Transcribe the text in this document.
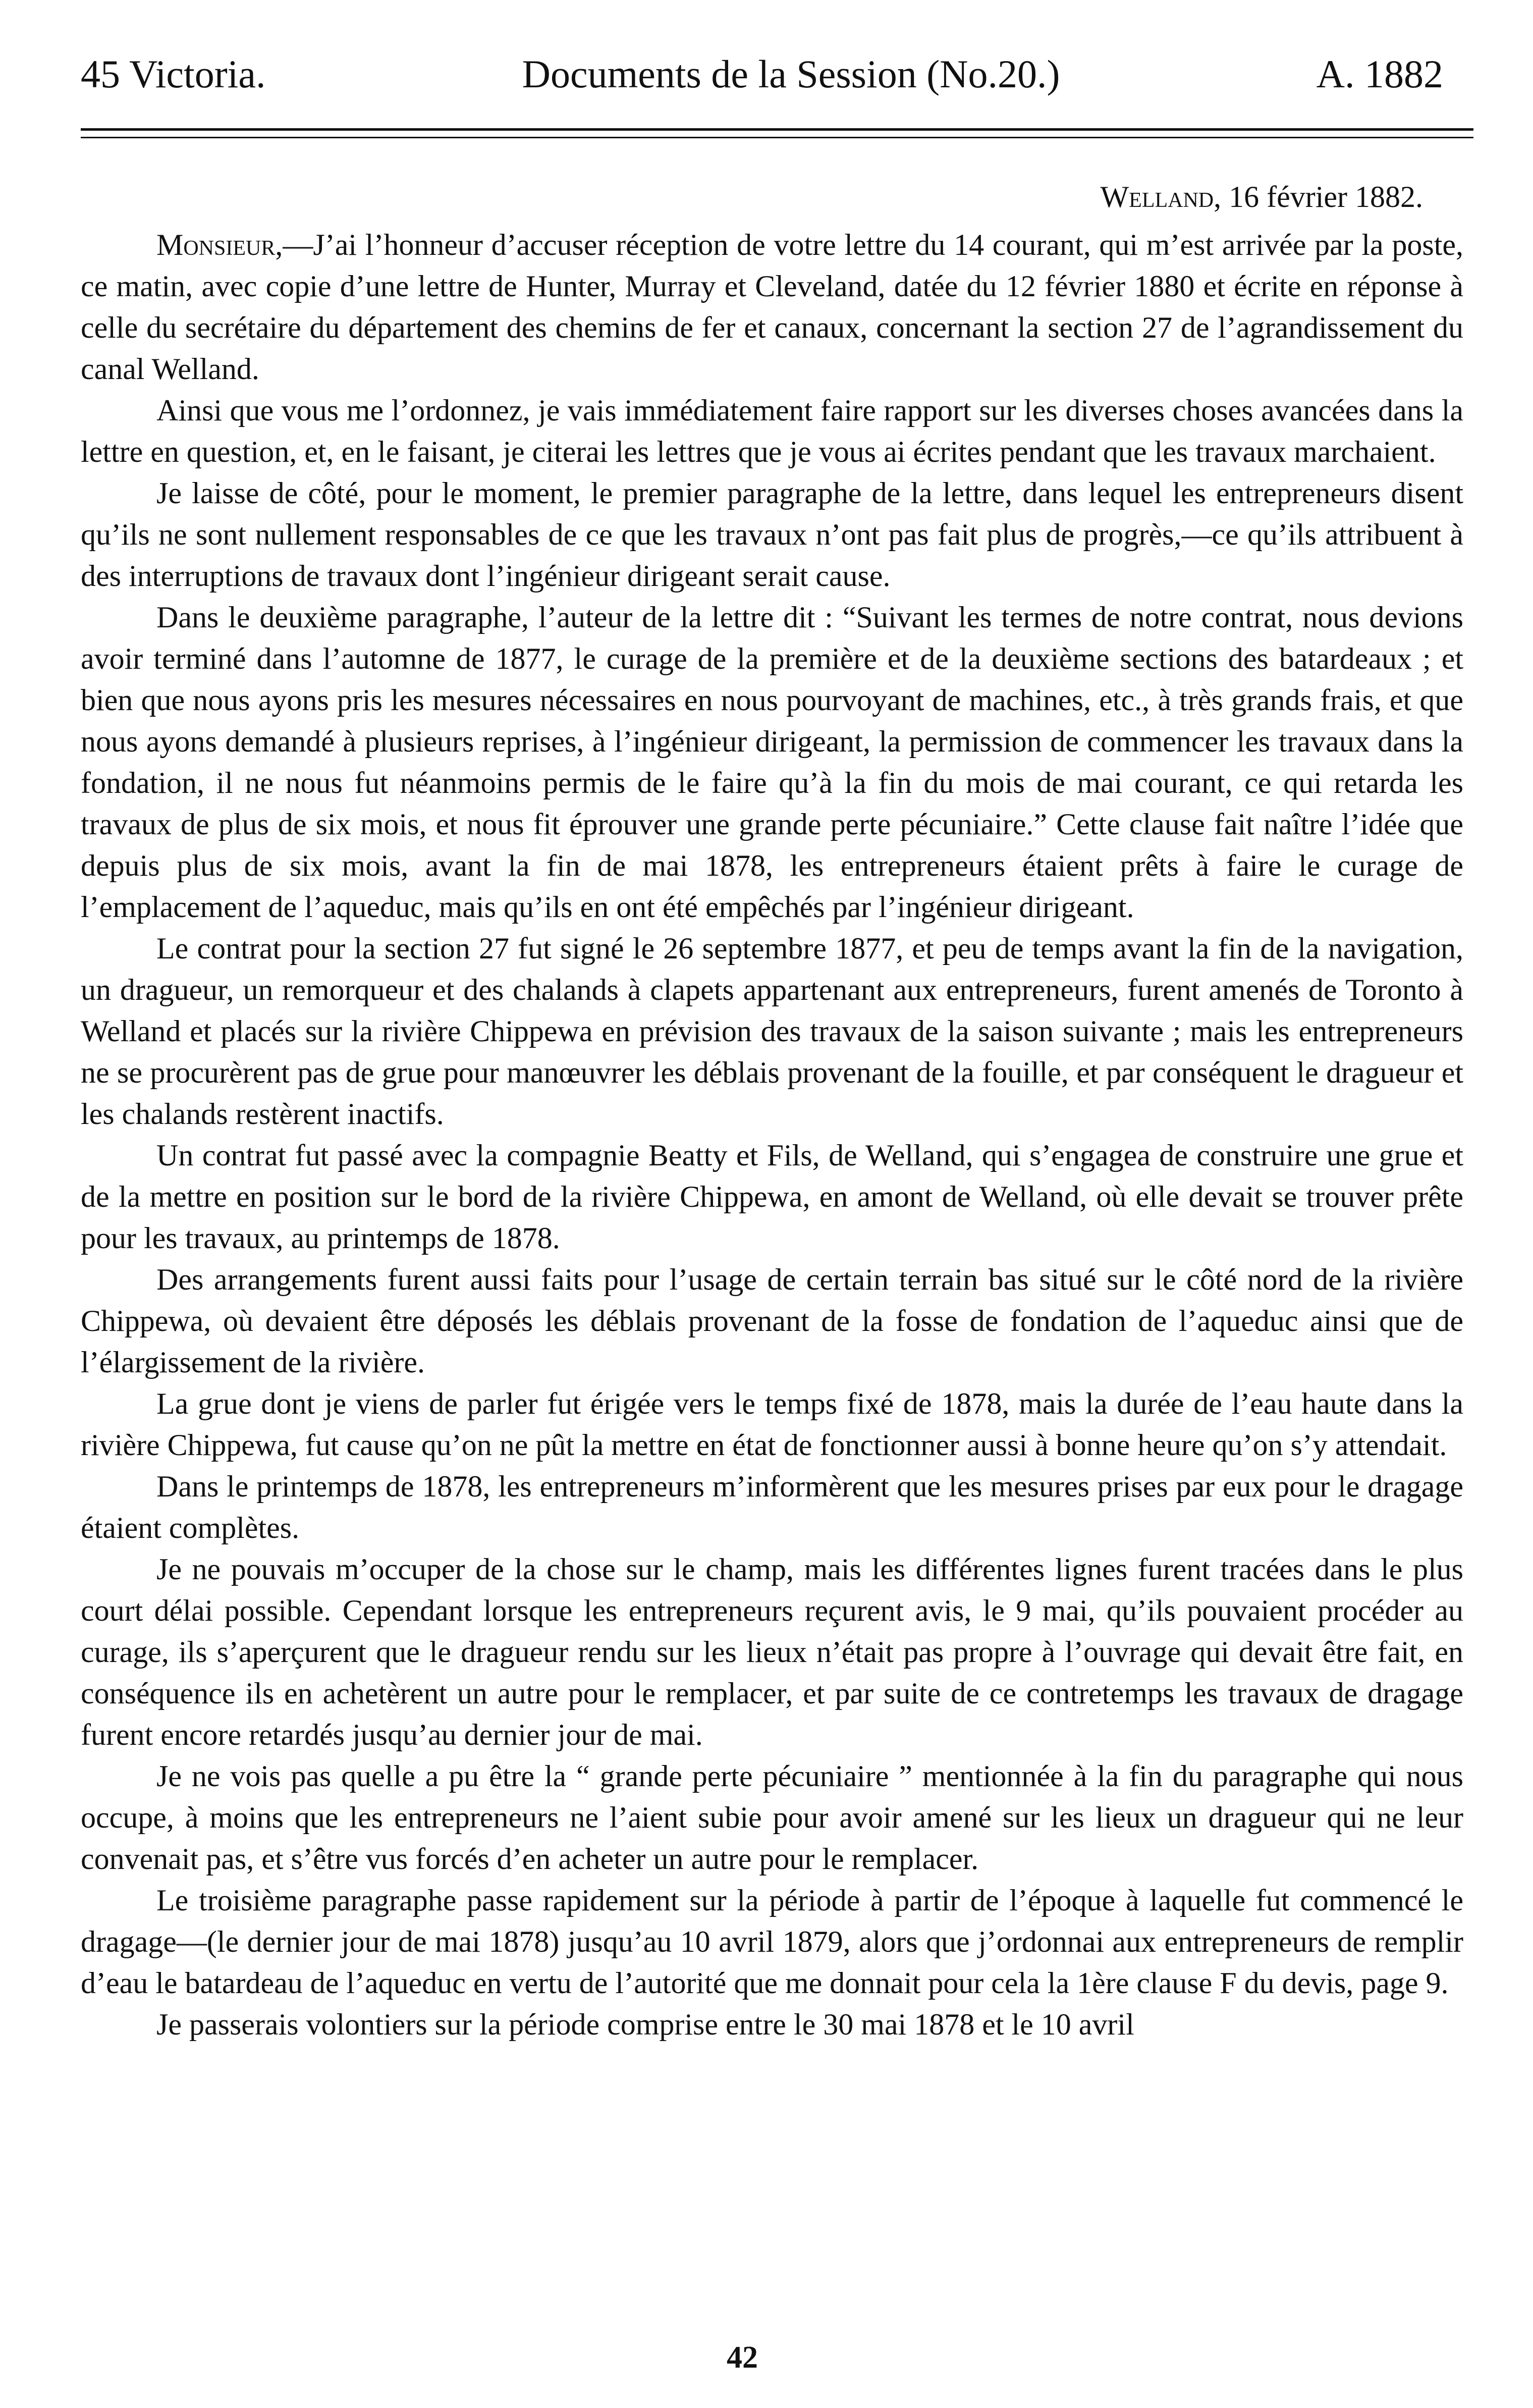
45 Victoria.	Documents de la Session (No.20.)	A. 1882
Welland, 16 février 1882.

Monsieur,—J’ai l’honneur d’accuser réception de votre lettre du 14 courant, qui m’est arrivée par la poste, ce matin, avec copie d’une lettre de Hunter, Murray et Cleveland, datée du 12 février 1880 et écrite en réponse à celle du secrétaire du département des chemins de fer et canaux, concernant la section 27 de l’agrandissement du canal Welland.

Ainsi que vous me l’ordonnez, je vais immédiatement faire rapport sur les diverses choses avancées dans la lettre en question, et, en le faisant, je citerai les lettres que je vous ai écrites pendant que les travaux marchaient.

Je laisse de côté, pour le moment, le premier paragraphe de la lettre, dans lequel les entrepreneurs disent qu’ils ne sont nullement responsables de ce que les travaux n’ont pas fait plus de progrès,—ce qu’ils attribuent à des interruptions de travaux dont l’ingénieur dirigeant serait cause.

Dans le deuxième paragraphe, l’auteur de la lettre dit : “Suivant les termes de notre contrat, nous devions avoir terminé dans l’automne de 1877, le curage de la première et de la deuxième sections des batardeaux ; et bien que nous ayons pris les mesures nécessaires en nous pourvoyant de machines, etc., à très grands frais, et que nous ayons demandé à plusieurs reprises, à l’ingénieur dirigeant, la permission de commencer les travaux dans la fondation, il ne nous fut néanmoins permis de le faire qu’à la fin du mois de mai courant, ce qui retarda les travaux de plus de six mois, et nous fit éprouver une grande perte pécuniaire.” Cette clause fait naître l’idée que depuis plus de six mois, avant la fin de mai 1878, les entrepreneurs étaient prêts à faire le curage de l’emplacement de l’aqueduc, mais qu’ils en ont été empêchés par l’ingénieur dirigeant.

Le contrat pour la section 27 fut signé le 26 septembre 1877, et peu de temps avant la fin de la navigation, un dragueur, un remorqueur et des chalands à clapets appartenant aux entrepreneurs, furent amenés de Toronto à Welland et placés sur la rivière Chippewa en prévision des travaux de la saison suivante ; mais les entrepreneurs ne se procurèrent pas de grue pour manœuvrer les déblais provenant de la fouille, et par conséquent le dragueur et les chalands restèrent inactifs.

Un contrat fut passé avec la compagnie Beatty et Fils, de Welland, qui s’engagea de construire une grue et de la mettre en position sur le bord de la rivière Chippewa, en amont de Welland, où elle devait se trouver prête pour les travaux, au printemps de 1878.

Des arrangements furent aussi faits pour l’usage de certain terrain bas situé sur le côté nord de la rivière Chippewa, où devaient être déposés les déblais provenant de la fosse de fondation de l’aqueduc ainsi que de l’élargissement de la rivière.

La grue dont je viens de parler fut érigée vers le temps fixé de 1878, mais la durée de l’eau haute dans la rivière Chippewa, fut cause qu’on ne pût la mettre en état de fonctionner aussi à bonne heure qu’on s’y attendait.

Dans le printemps de 1878, les entrepreneurs m’informèrent que les mesures prises par eux pour le dragage étaient complètes.

Je ne pouvais m’occuper de la chose sur le champ, mais les différentes lignes furent tracées dans le plus court délai possible. Cependant lorsque les entrepreneurs reçurent avis, le 9 mai, qu’ils pouvaient procéder au curage, ils s’aperçurent que le dragueur rendu sur les lieux n’était pas propre à l’ouvrage qui devait être fait, en conséquence ils en achetèrent un autre pour le remplacer, et par suite de ce contretemps les travaux de dragage furent encore retardés jusqu’au dernier jour de mai.

Je ne vois pas quelle a pu être la “ grande perte pécuniaire ” mentionnée à la fin du paragraphe qui nous occupe, à moins que les entrepreneurs ne l’aient subie pour avoir amené sur les lieux un dragueur qui ne leur convenait pas, et s’être vus forcés d’en acheter un autre pour le remplacer.

Le troisième paragraphe passe rapidement sur la période à partir de l’époque à laquelle fut commencé le dragage—(le dernier jour de mai 1878) jusqu’au 10 avril 1879, alors que j’ordonnai aux entrepreneurs de remplir d’eau le batardeau de l’aqueduc en vertu de l’autorité que me donnait pour cela la 1ère clause F du devis, page 9.

Je passerais volontiers sur la période comprise entre le 30 mai 1878 et le 10 avril

42
